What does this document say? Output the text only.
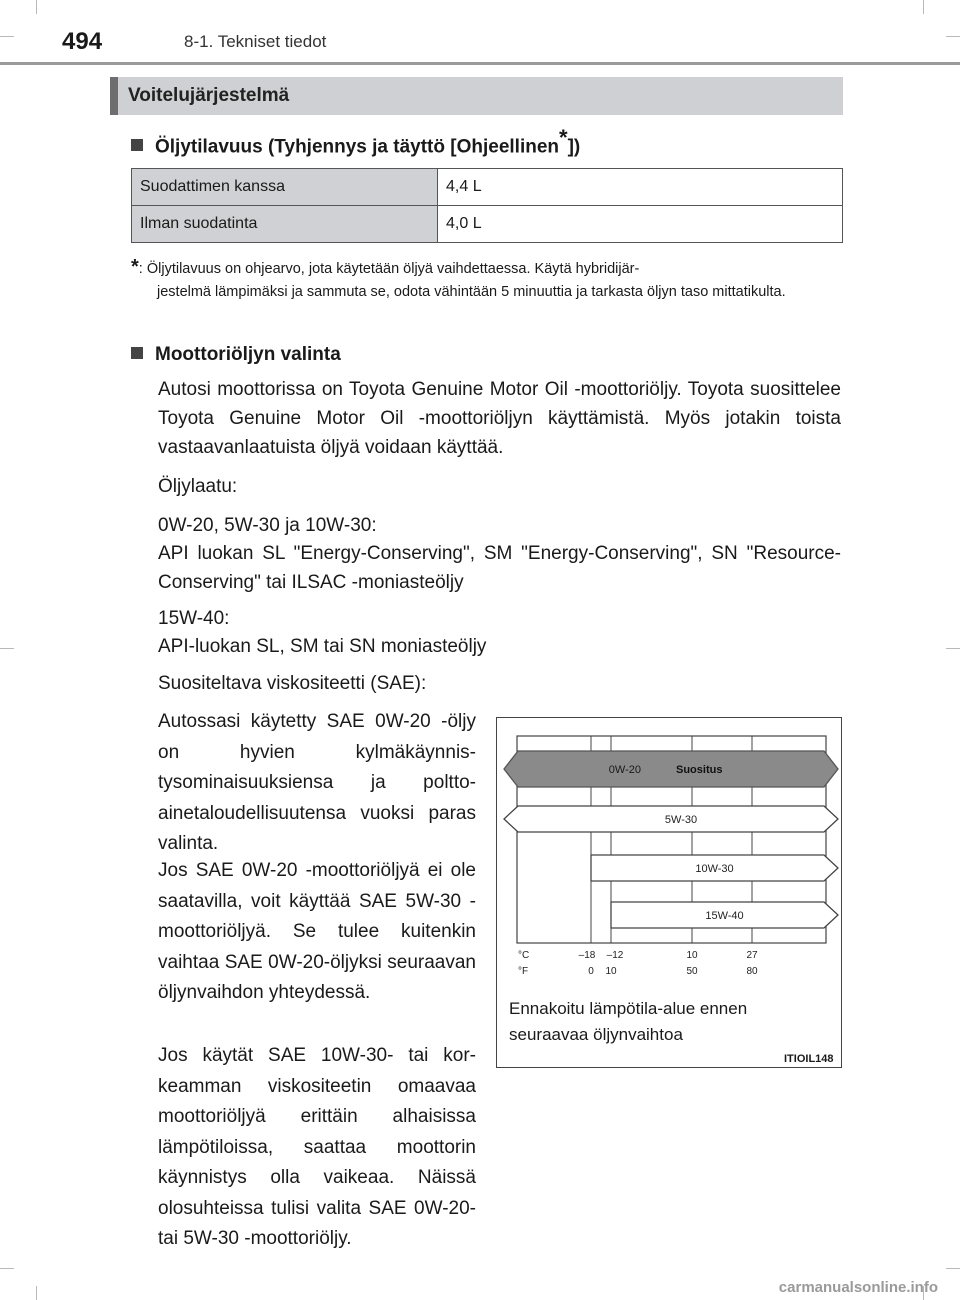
494	8-1. Tekniset tiedot
Voitelujärjestelmä
Öljytilavuus (Tyhjennys ja täyttö [Ohjeellinen*])
Suodattimen kanssa	4,4 L
Ilman suodatinta	4,0 L
*: Öljytilavuus on ohjearvo, jota käytetään öljyä vaihdettaessa. Käytä hybridijär-
jestelmä lämpimäksi ja sammuta se, odota vähintään 5 minuuttia ja tarkasta öljyn taso mittatikulta.
Moottoriöljyn valinta
Autosi moottorissa on Toyota Genuine Motor Oil -moottoriöljy. Toyota suosittelee Toyota Genuine Motor Oil -moottoriöljyn käyttämistä. Myös jotakin toista vastaavanlaatuista öljyä voidaan käyttää.
Öljylaatu:
0W-20, 5W-30 ja 10W-30:
API luokan SL "Energy-Conserving", SM "Energy-Conserving", SN "Resource-Conserving" tai ILSAC -moniasteöljy
15W-40:
API-luokan SL, SM tai SN moniasteöljy
Suositeltava viskositeetti (SAE):
Autossasi käytetty SAE 0W-20 -öljy on hyvien kylmäkäynnis-tysominaisuuksiensa ja poltto-ainetaloudellisuutensa vuoksi paras valinta.
Jos SAE 0W-20 -moottoriöljyä ei ole saatavilla, voit käyttää SAE 5W-30 -moottoriöljyä. Se tulee kuitenkin vaihtaa SAE 0W-20-öljyksi seuraavan öljynvaihdon yhteydessä.
Jos käytät SAE 10W-30- tai kor-keamman viskositeetin omaavaa moottoriöljyä erittäin alhaisissa lämpötiloissa, saattaa moottorin käynnistys olla vaikeaa. Näissä olosuhteissa tulisi valita SAE 0W-20- tai 5W-30 -moottoriöljy.
0W-20	Suositus
5W-30
10W-30
15W-40
°C
°F
–18 –12	10	27
0 10	50	80
Ennakoitu lämpötila-alue ennen seuraavaa öljynvaihtoa
ITIOIL148
carmanualsonline.info
